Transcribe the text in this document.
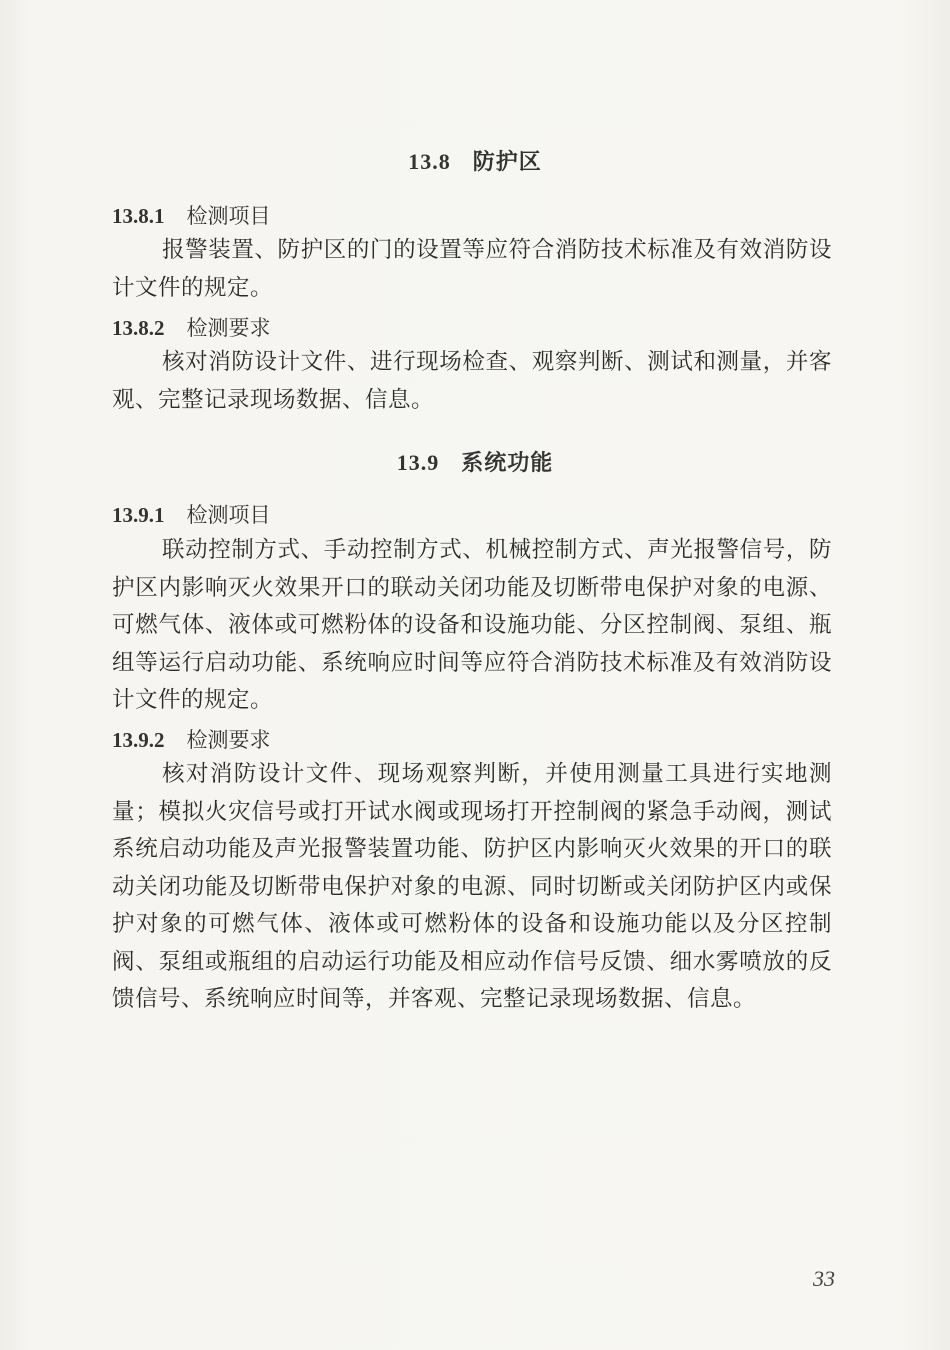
13.8 防护区
13.8.1 检测项目
报警装置、防护区的门的设置等应符合消防技术标准及有效消防设计文件的规定。
13.8.2 检测要求
核对消防设计文件、进行现场检查、观察判断、测试和测量，并客观、完整记录现场数据、信息。
13.9 系统功能
13.9.1 检测项目
联动控制方式、手动控制方式、机械控制方式、声光报警信号，防护区内影响灭火效果开口的联动关闭功能及切断带电保护对象的电源、可燃气体、液体或可燃粉体的设备和设施功能、分区控制阀、泵组、瓶组等运行启动功能、系统响应时间等应符合消防技术标准及有效消防设计文件的规定。
13.9.2 检测要求
核对消防设计文件、现场观察判断，并使用测量工具进行实地测量；模拟火灾信号或打开试水阀或现场打开控制阀的紧急手动阀，测试系统启动功能及声光报警装置功能、防护区内影响灭火效果的开口的联动关闭功能及切断带电保护对象的电源、同时切断或关闭防护区内或保护对象的可燃气体、液体或可燃粉体的设备和设施功能以及分区控制阀、泵组或瓶组的启动运行功能及相应动作信号反馈、细水雾喷放的反馈信号、系统响应时间等，并客观、完整记录现场数据、信息。
33
